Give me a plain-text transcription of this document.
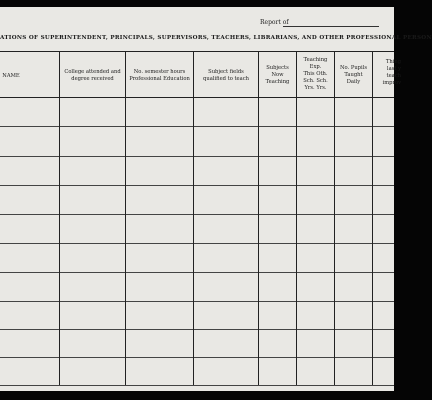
Report of
ATIONS OF SUPERINTENDENT, PRINCIPALS, SUPERVISORS, TEACHERS, LIBRARIANS, AND OTHER PROFESSIONAL PERSON
NAME
College attended and
degree received
No. semester hours
Professional Education
Subject fields
qualified to teach
Subjects
Now
Teaching
Teaching
Exp.
This Oth.
Sch. Sch.
Yrs. Yrs.
No. Pupils
Taught
Daily
Thing
last y
teach
improv
